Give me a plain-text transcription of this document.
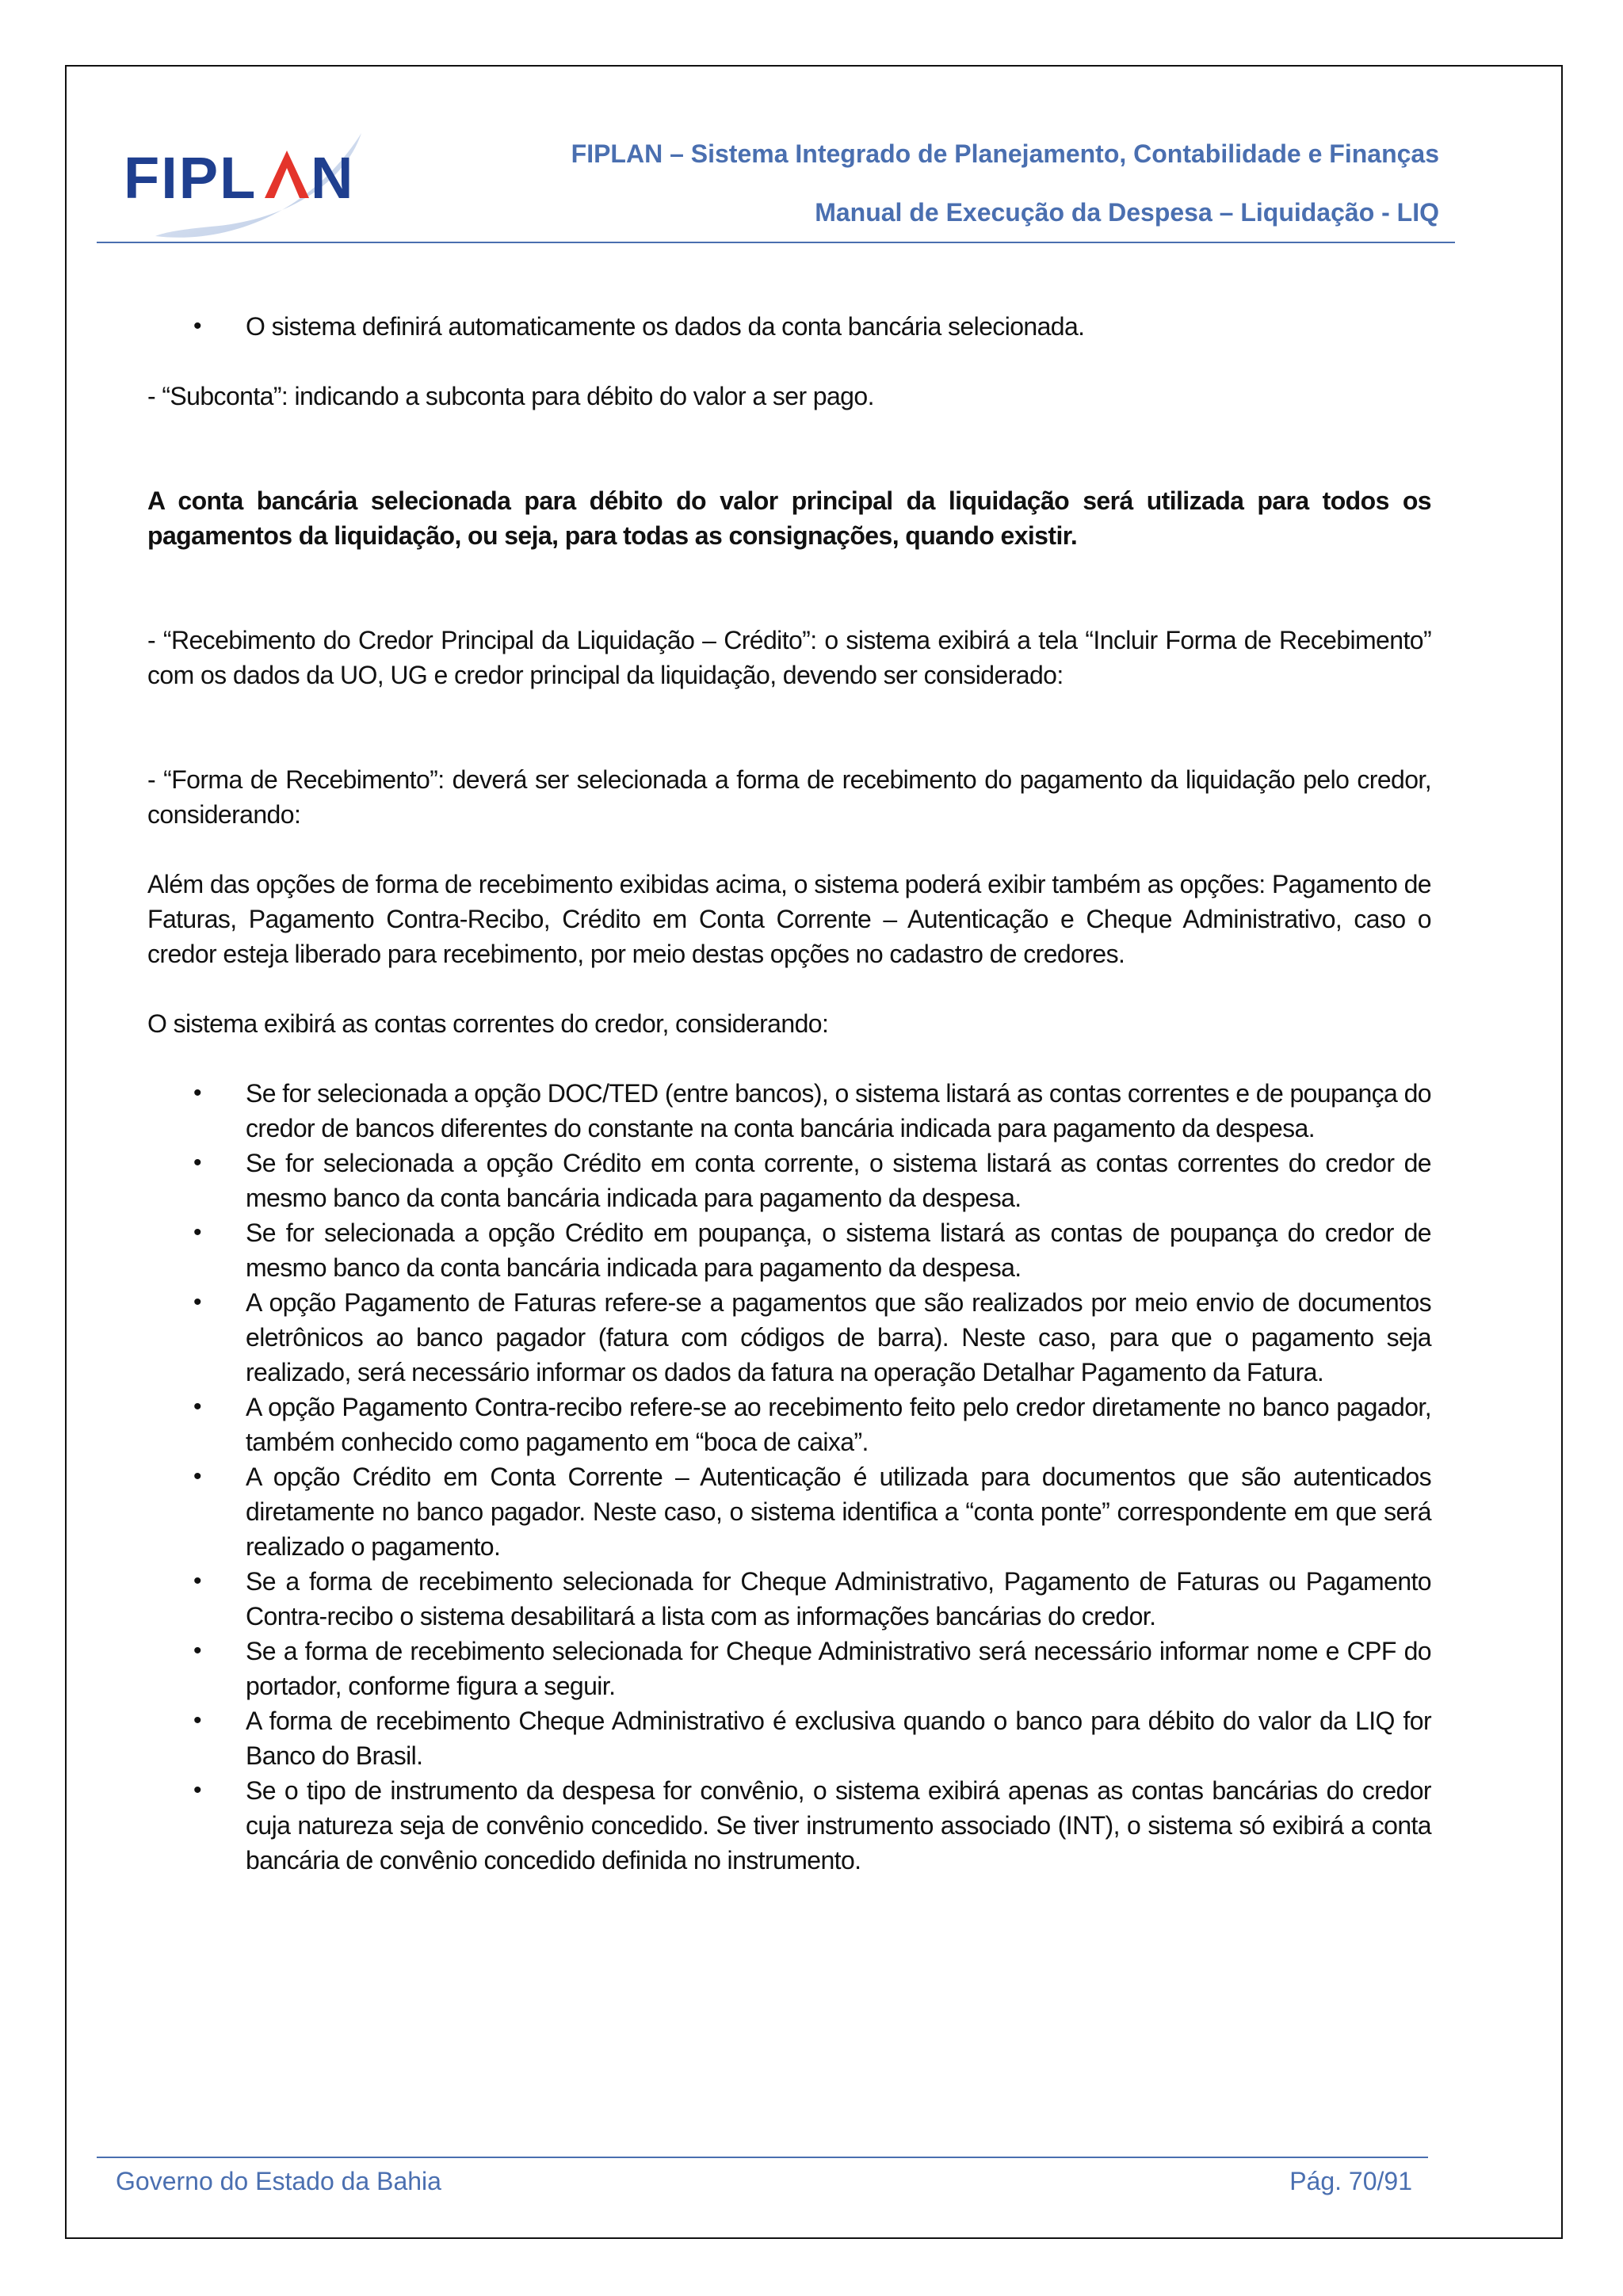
FIPL N	FIPLAN – Sistema Integrado de Planejamento, Contabilidade e Finanças
Manual de Execução da Despesa – Liquidação - LIQ
•	O sistema definirá automaticamente os dados da conta bancária selecionada.

- “Subconta”: indicando a subconta para débito do valor a ser pago.

A conta bancária selecionada para débito do valor principal da liquidação será utilizada para todos os pagamentos da liquidação, ou seja, para todas as consignações, quando existir.

- “Recebimento do Credor Principal da Liquidação – Crédito”: o sistema exibirá a tela “Incluir Forma de Recebimento” com os dados da UO, UG e credor principal da liquidação, devendo ser considerado:

- “Forma de Recebimento”: deverá ser selecionada a forma de recebimento do pagamento da liquidação pelo credor, considerando:

Além das opções de forma de recebimento exibidas acima, o sistema poderá exibir também as opções: Pagamento de Faturas, Pagamento Contra-Recibo, Crédito em Conta Corrente – Autenticação e Cheque Administrativo, caso o credor esteja liberado para recebimento, por meio destas opções no cadastro de credores.

O sistema exibirá as contas correntes do credor, considerando:

•	Se for selecionada a opção DOC/TED (entre bancos), o sistema listará as contas correntes e de poupança do credor de bancos diferentes do constante na conta bancária indicada para pagamento da despesa.
•	Se for selecionada a opção Crédito em conta corrente, o sistema listará as contas correntes do credor de mesmo banco da conta bancária indicada para pagamento da despesa.
•	Se for selecionada a opção Crédito em poupança, o sistema listará as contas de poupança do credor de mesmo banco da conta bancária indicada para pagamento da despesa.
•	A opção Pagamento de Faturas refere-se a pagamentos que são realizados por meio envio de documentos eletrônicos ao banco pagador (fatura com códigos de barra). Neste caso, para que o pagamento seja realizado, será necessário informar os dados da fatura na operação Detalhar Pagamento da Fatura.
•	A opção Pagamento Contra-recibo refere-se ao recebimento feito pelo credor diretamente no banco pagador, também conhecido como pagamento em “boca de caixa”.
•	A opção Crédito em Conta Corrente – Autenticação é utilizada para documentos que são autenticados diretamente no banco pagador. Neste caso, o sistema identifica a “conta ponte” correspondente em que será realizado o pagamento.
•	Se a forma de recebimento selecionada for Cheque Administrativo, Pagamento de Faturas ou Pagamento Contra-recibo o sistema desabilitará a lista com as informações bancárias do credor.
•	Se a forma de recebimento selecionada for Cheque Administrativo será necessário informar nome e CPF do portador, conforme figura a seguir.
•	A forma de recebimento Cheque Administrativo é exclusiva quando o banco para débito do valor da LIQ for Banco do Brasil.
•	Se o tipo de instrumento da despesa for convênio, o sistema exibirá apenas as contas bancárias do credor cuja natureza seja de convênio concedido. Se tiver instrumento associado (INT), o sistema só exibirá a conta bancária de convênio concedido definida no instrumento.
Governo do Estado da Bahia	Pág. 70/91
